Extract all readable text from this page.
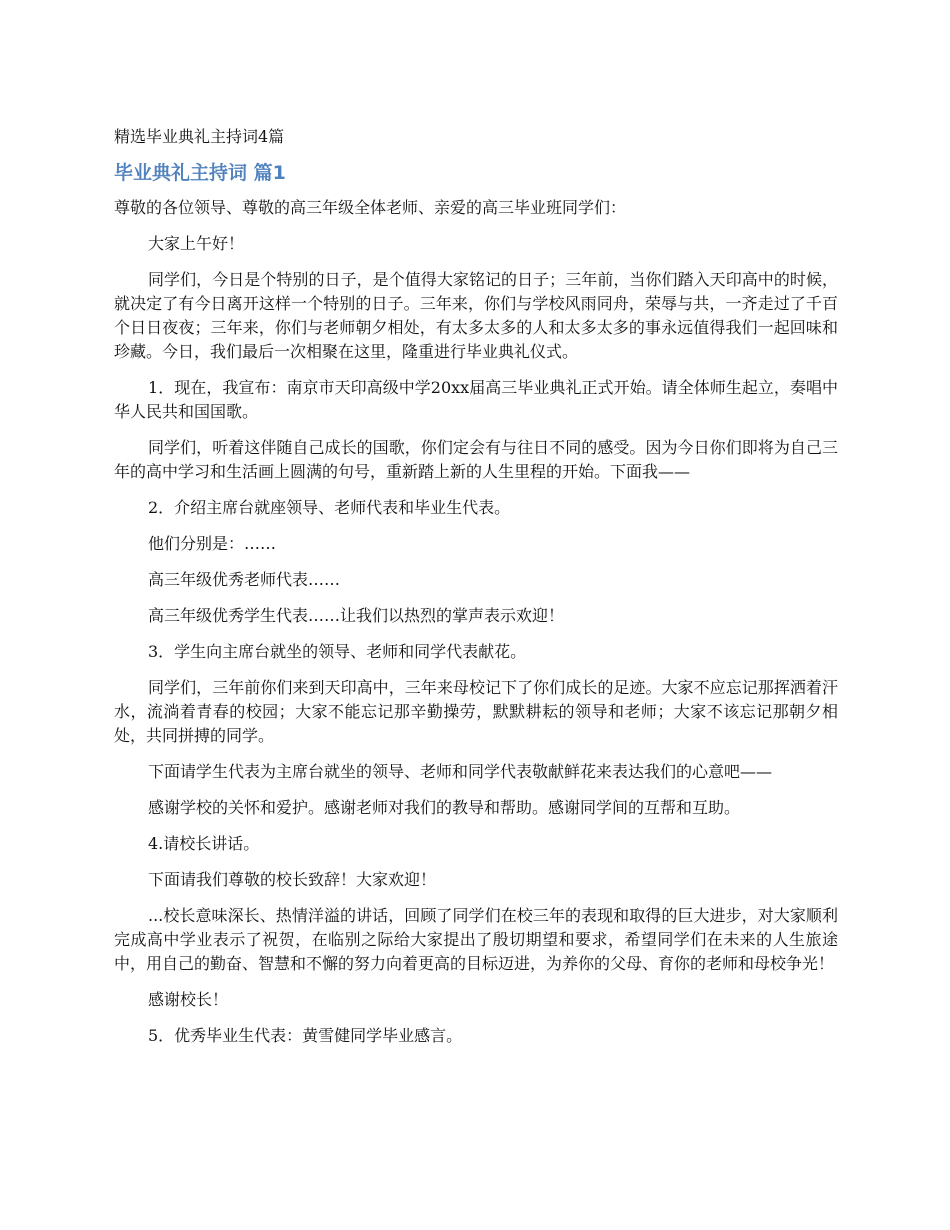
精选毕业典礼主持词4篇
毕业典礼主持词 篇1

尊敬的各位领导、尊敬的高三年级全体老师、亲爱的高三毕业班同学们：

大家上午好！

同学们，今日是个特别的日子，是个值得大家铭记的日子；三年前，当你们踏入天印高中的时候，就决定了有今日离开这样一个特别的日子。三年来，你们与学校风雨同舟，荣辱与共，一齐走过了千百个日日夜夜；三年来，你们与老师朝夕相处，有太多太多的人和太多太多的事永远值得我们一起回味和珍藏。今日，我们最后一次相聚在这里，隆重进行毕业典礼仪式。

1．现在，我宣布：南京市天印高级中学20xx届高三毕业典礼正式开始。请全体师生起立，奏唱中华人民共和国国歌。

同学们，听着这伴随自己成长的国歌，你们定会有与往日不同的感受。因为今日你们即将为自己三年的高中学习和生活画上圆满的句号，重新踏上新的人生里程的开始。下面我——

2．介绍主席台就座领导、老师代表和毕业生代表。

他们分别是：……

高三年级优秀老师代表……

高三年级优秀学生代表……让我们以热烈的掌声表示欢迎！

3．学生向主席台就坐的领导、老师和同学代表献花。

同学们，三年前你们来到天印高中，三年来母校记下了你们成长的足迹。大家不应忘记那挥洒着汗水，流淌着青春的校园；大家不能忘记那辛勤操劳，默默耕耘的领导和老师；大家不该忘记那朝夕相处，共同拼搏的同学。

下面请学生代表为主席台就坐的领导、老师和同学代表敬献鲜花来表达我们的心意吧——

感谢学校的关怀和爱护。感谢老师对我们的教导和帮助。感谢同学间的互帮和互助。

4.请校长讲话。

下面请我们尊敬的校长致辞！大家欢迎！

...校长意味深长、热情洋溢的讲话，回顾了同学们在校三年的表现和取得的巨大进步，对大家顺利完成高中学业表示了祝贺，在临别之际给大家提出了殷切期望和要求，希望同学们在未来的人生旅途中，用自己的勤奋、智慧和不懈的努力向着更高的目标迈进，为养你的父母、育你的老师和母校争光！

感谢校长！

5．优秀毕业生代表：黄雪健同学毕业感言。
